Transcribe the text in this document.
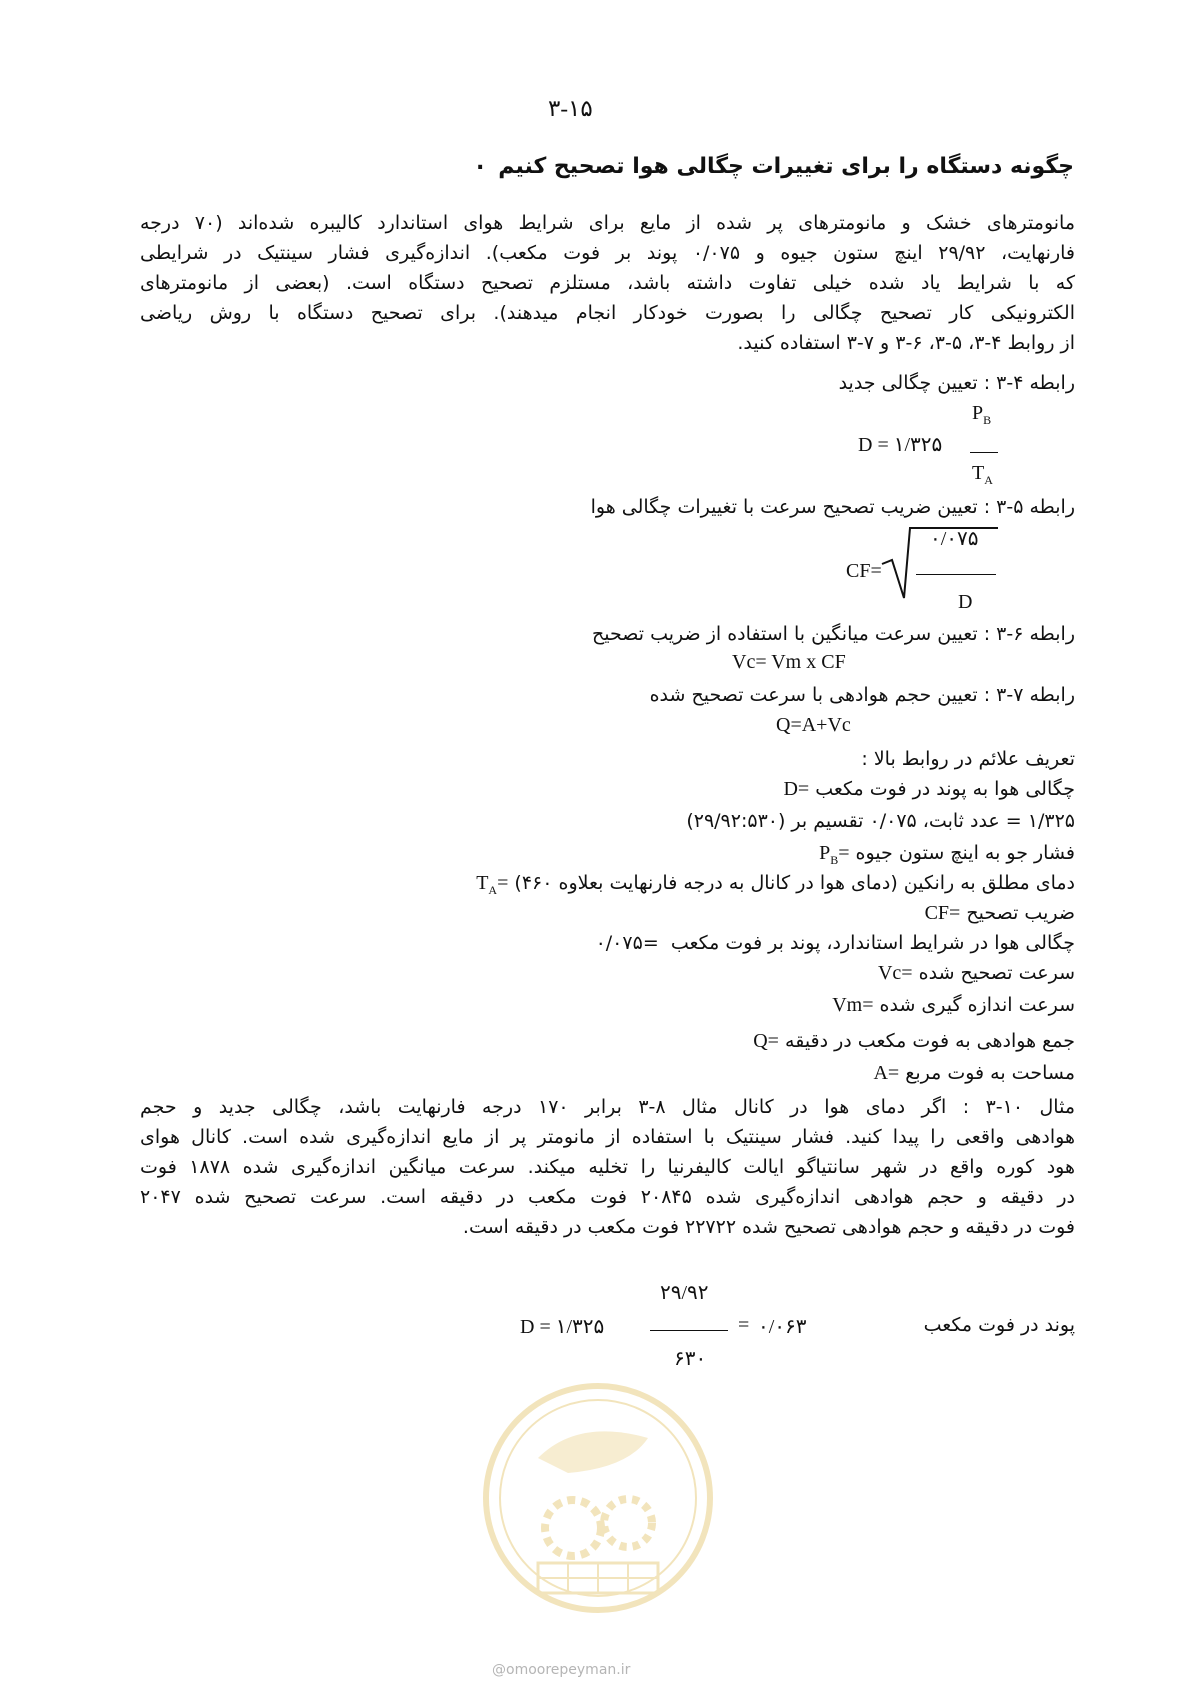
۳-۱۵
چگونه دستگاه را برای تغییرات چگالی هوا تصحیح کنیم
.
مانومترهای خشک و مانومترهای پر شده از مایع برای شرایط هوای استاندارد کالیبره شده‌اند (۷۰ درجه
فارنهایت، ۲۹/۹۲ اینچ ستون جیوه و ۰/۰۷۵ پوند بر فوت مکعب). اندازه‌گیری فشار سینتیک در شرایطی
که با شرایط یاد شده خیلی تفاوت داشته باشد، مستلزم تصحیح دستگاه است. (بعضی از مانومترهای
الکترونیکی کار تصحیح چگالی را بصورت خودکار انجام میدهند). برای تصحیح دستگاه با روش ریاضی
از روابط ۴-۳، ۵-۳، ۶-۳ و ۷-۳ استفاده کنید.
رابطه ۴-۳ : تعیین چگالی جدید
$P_B$
D = ۱/۳۲۵
$T_A$
رابطه ۵-۳ : تعیین ضریب تصحیح سرعت با تغییرات چگالی هوا
۰/۰۷۵
CF=
D
رابطه ۶-۳ : تعیین سرعت میانگین با استفاده از ضریب تصحیح
Vc= Vm x CF
رابطه ۷-۳ : تعیین حجم هوادهی با سرعت تصحیح شده
Q=A+Vc
تعریف علائم در روابط بالا :
چگالی هوا به پوند در فوت مکعب D=
۱/۳۲۵ = عدد ثابت، ۰/۰۷۵ تقسیم بر (۲۹/۹۲:۵۳۰)
فشار جو به اینچ ستون جیوه $P_B=$
دمای مطلق به رانکین (دمای هوا در کانال به درجه فارنهایت بعلاوه ۴۶۰) $T_A=$
ضریب تصحیح CF=
چگالی هوا در شرایط استاندارد، پوند بر فوت مکعب  =۰/۰۷۵
سرعت تصحیح شده Vc=
سرعت اندازه گیری شده Vm=
جمع هوادهی به فوت مکعب در دقیقه Q=
مساحت به فوت مربع A=
مثال ۱۰-۳ : اگر دمای هوا در کانال مثال ۸-۳ برابر ۱۷۰ درجه فارنهایت باشد، چگالی جدید و حجم
هوادهی واقعی را پیدا کنید. فشار سینتیک با استفاده از مانومتر پر از مایع اندازه‌گیری شده است. کانال هوای
هود کوره واقع در شهر سانتیاگو ایالت کالیفرنیا را تخلیه میکند. سرعت میانگین اندازه‌گیری شده ۱۸۷۸ فوت
در دقیقه و حجم هوادهی اندازه‌گیری شده ۲۰۸۴۵ فوت مکعب در دقیقه است. سرعت تصحیح شده ۲۰۴۷
فوت در دقیقه و حجم هوادهی تصحیح شده ۲۲۷۲۲ فوت مکعب در دقیقه است.
۲۹/۹۲
D = ۱/۳۲۵	= ۰/۰۶۳	پوند در فوت مکعب
۶۳۰
@omoorepeyman.ir
